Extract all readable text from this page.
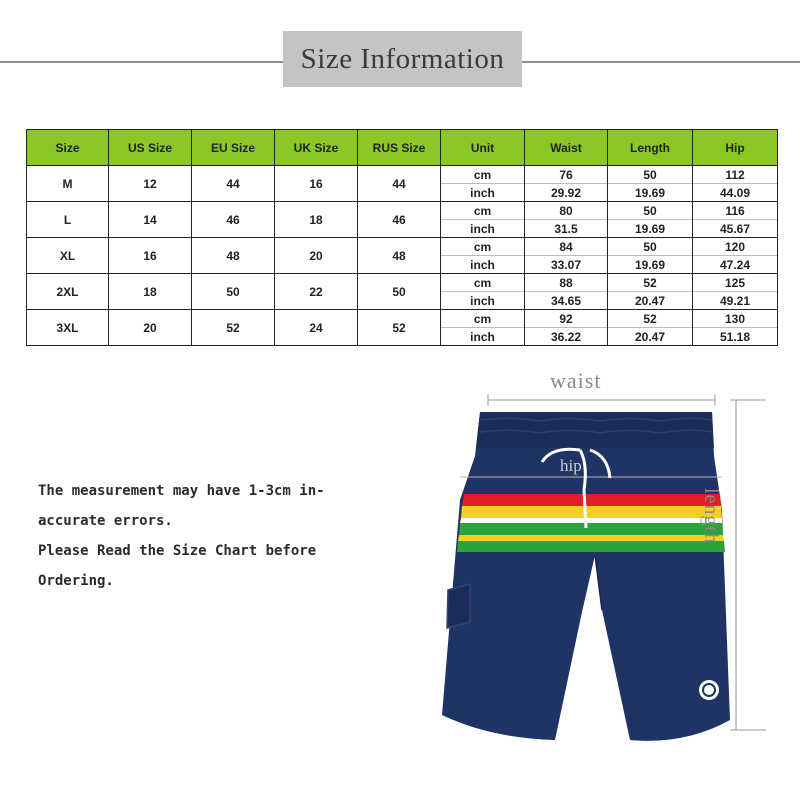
Size Information
Size	US Size	EU Size	UK Size	RUS Size	Unit	Waist	Length	Hip
M	12	44	16	44	cm	76	50	112
					inch	29.92	19.69	44.09
L	14	46	18	46	cm	80	50	116
					inch	31.5	19.69	45.67
XL	16	48	20	48	cm	84	50	120
					inch	33.07	19.69	47.24
2XL	18	50	22	50	cm	88	52	125
					inch	34.65	20.47	49.21
3XL	20	52	24	52	cm	92	52	130
					inch	36.22	20.47	51.18
The measurement may have 1-3cm in-
accurate errors.
Please Read the Size Chart before
Ordering.
waist
hip
length
